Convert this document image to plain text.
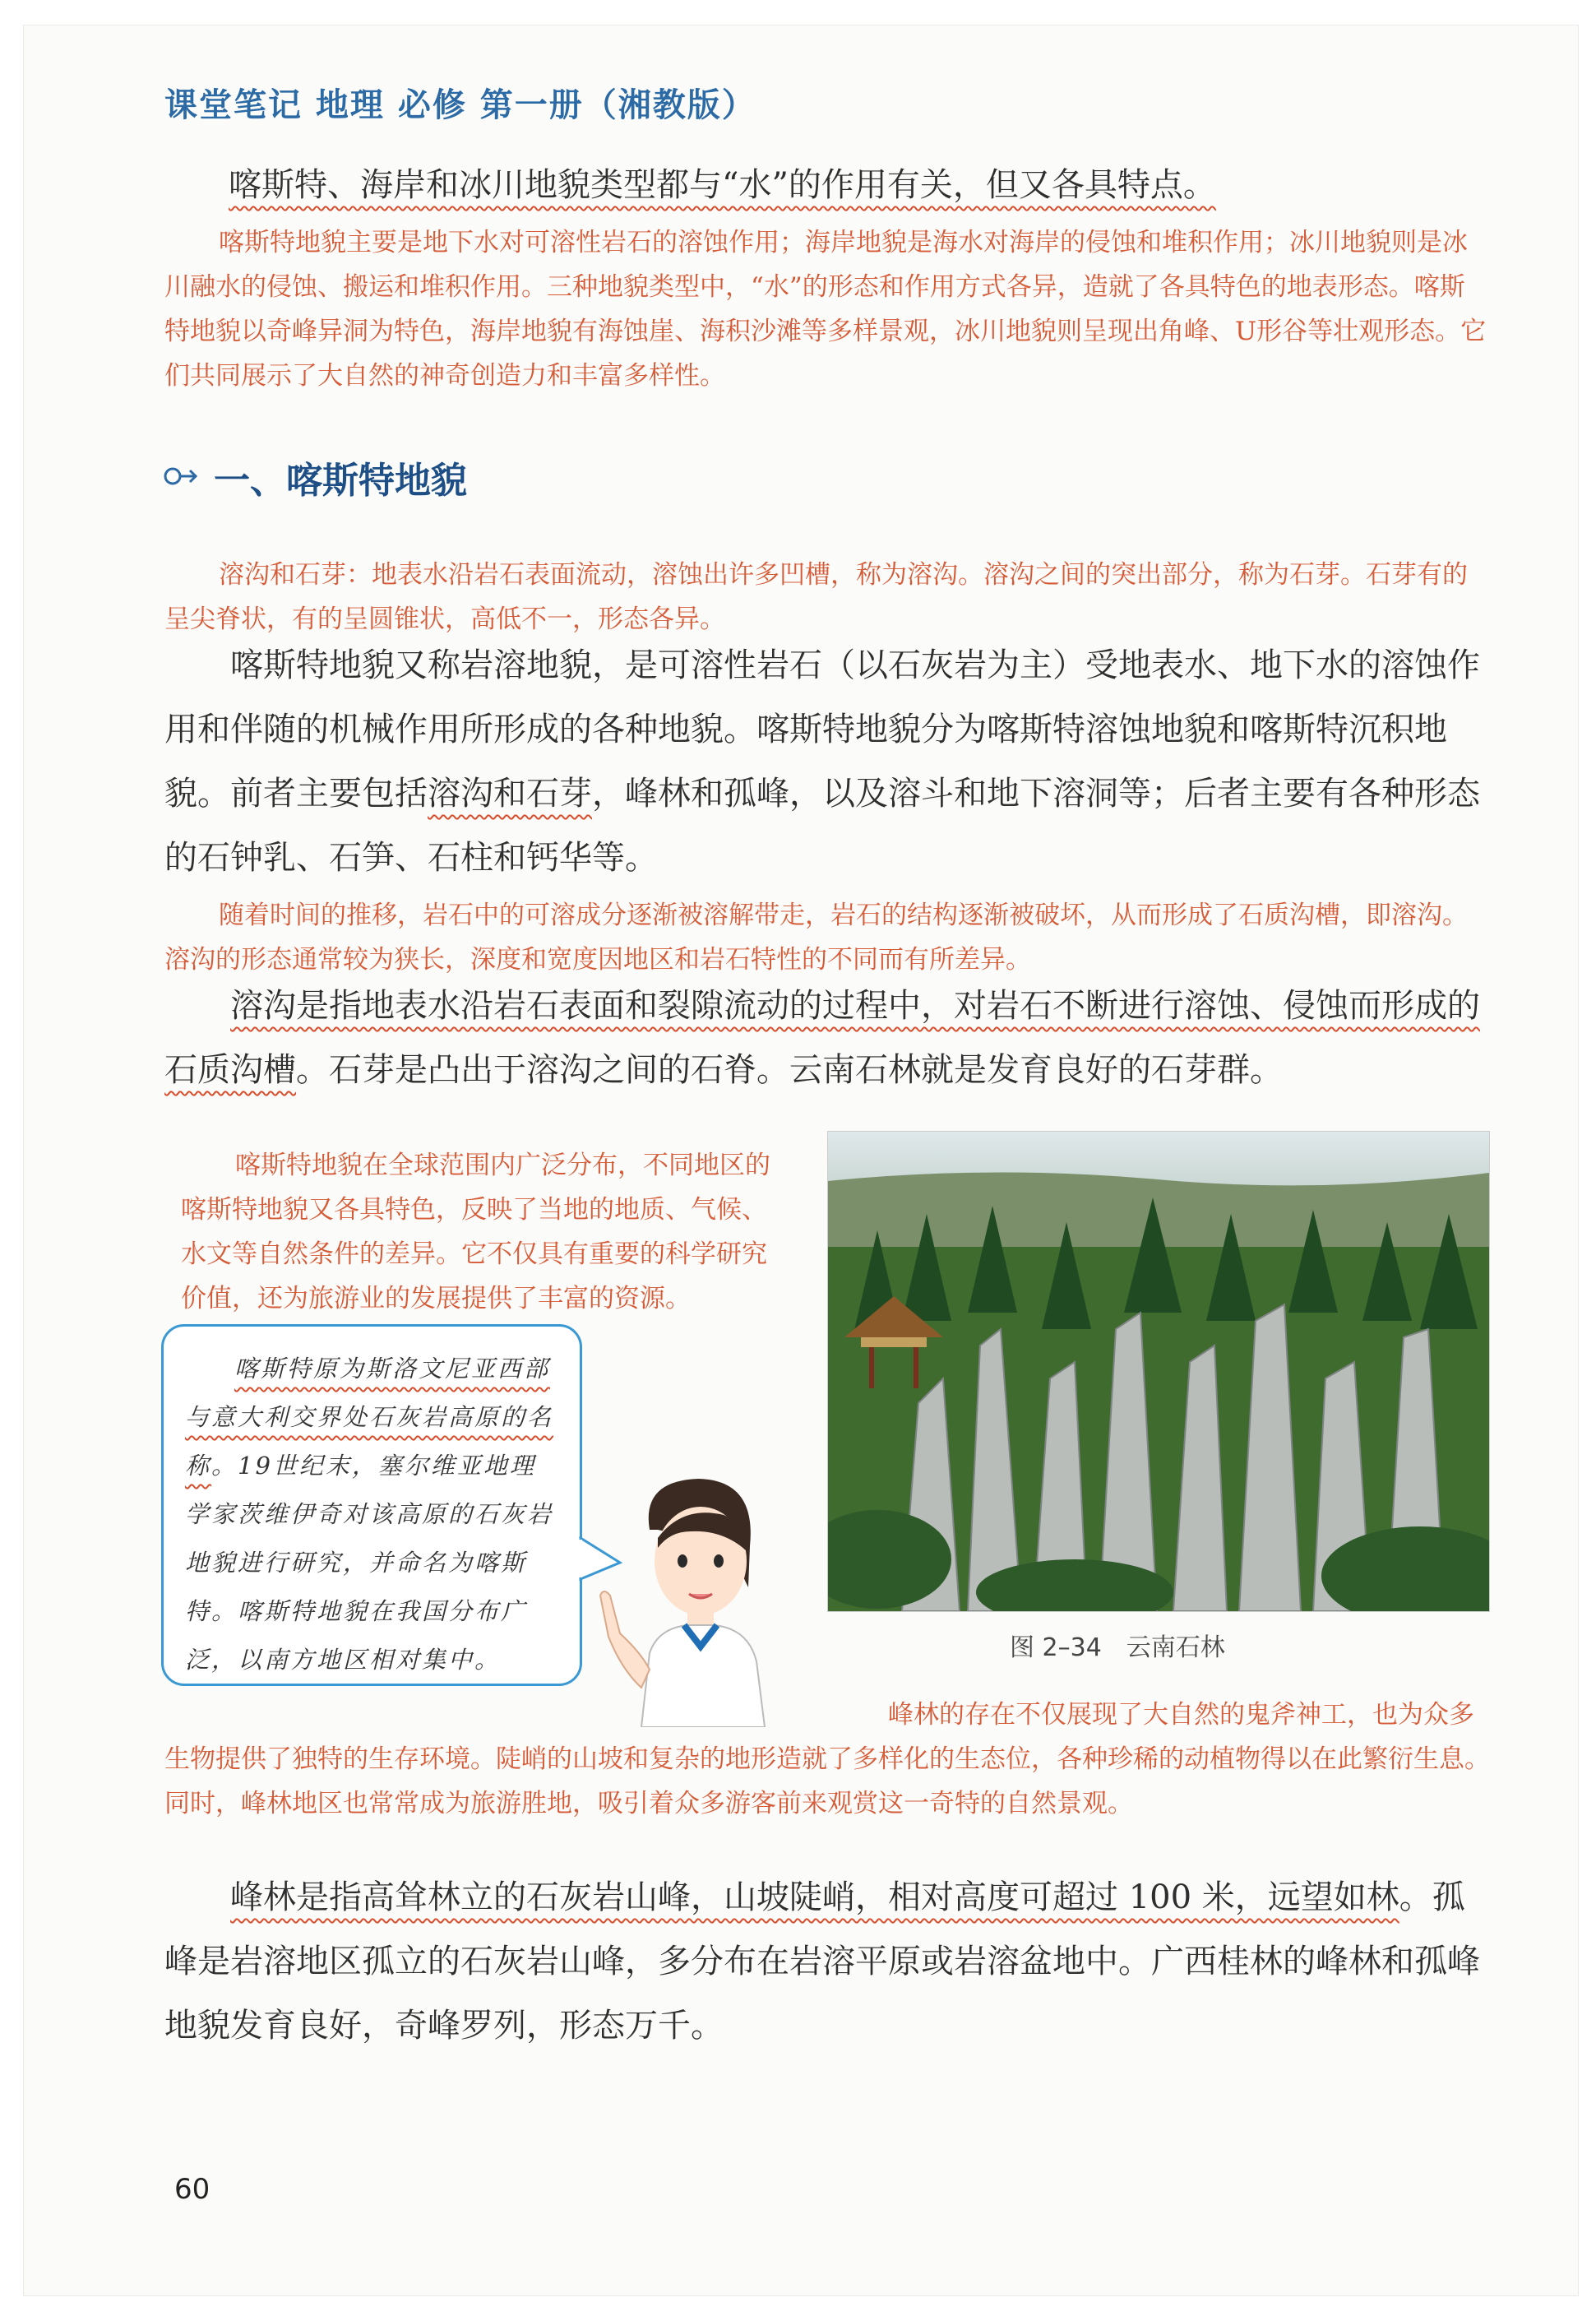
课堂笔记 地理 必修 第一册（湘教版）

喀斯特、海岸和冰川地貌类型都与“水”的作用有关，但又各具特点。

喀斯特地貌主要是地下水对可溶性岩石的溶蚀作用；海岸地貌是海水对海岸的侵蚀和堆积作用；冰川地貌则是冰川融水的侵蚀、搬运和堆积作用。三种地貌类型中，“水”的形态和作用方式各异，造就了各具特色的地表形态。喀斯特地貌以奇峰异洞为特色，海岸地貌有海蚀崖、海积沙滩等多样景观，冰川地貌则呈现出角峰、U形谷等壮观形态。它们共同展示了大自然的神奇创造力和丰富多样性。

一、喀斯特地貌

溶沟和石芽：地表水沿岩石表面流动，溶蚀出许多凹槽，称为溶沟。溶沟之间的突出部分，称为石芽。石芽有的呈尖脊状，有的呈圆锥状，高低不一，形态各异。

喀斯特地貌又称岩溶地貌，是可溶性岩石（以石灰岩为主）受地表水、地下水的溶蚀作用和伴随的机械作用所形成的各种地貌。喀斯特地貌分为喀斯特溶蚀地貌和喀斯特沉积地貌。前者主要包括溶沟和石芽，峰林和孤峰，以及溶斗和地下溶洞等；后者主要有各种形态的石钟乳、石笋、石柱和钙华等。

随着时间的推移，岩石中的可溶成分逐渐被溶解带走，岩石的结构逐渐被破坏，从而形成了石质沟槽，即溶沟。溶沟的形态通常较为狭长，深度和宽度因地区和岩石特性的不同而有所差异。

溶沟是指地表水沿岩石表面和裂隙流动的过程中，对岩石不断进行溶蚀、侵蚀而形成的石质沟槽。石芽是凸出于溶沟之间的石脊。云南石林就是发育良好的石芽群。

喀斯特地貌在全球范围内广泛分布，不同地区的喀斯特地貌又各具特色，反映了当地的地质、气候、水文等自然条件的差异。它不仅具有重要的科学研究价值，还为旅游业的发展提供了丰富的资源。

喀斯特原为斯洛文尼亚西部与意大利交界处石灰岩高原的名称。19世纪末，塞尔维亚地理学家茨维伊奇对该高原的石灰岩地貌进行研究，并命名为喀斯特。喀斯特地貌在我国分布广泛，以南方地区相对集中。	图 2–34　云南石林

峰林的存在不仅展现了大自然的鬼斧神工，也为众多生物提供了独特的生存环境。陡峭的山坡和复杂的地形造就了多样化的生态位，各种珍稀的动植物得以在此繁衍生息。同时，峰林地区也常常成为旅游胜地，吸引着众多游客前来观赏这一奇特的自然景观。

峰林是指高耸林立的石灰岩山峰，山坡陡峭，相对高度可超过 100 米，远望如林。孤峰是岩溶地区孤立的石灰岩山峰，多分布在岩溶平原或岩溶盆地中。广西桂林的峰林和孤峰地貌发育良好，奇峰罗列，形态万千。

60
